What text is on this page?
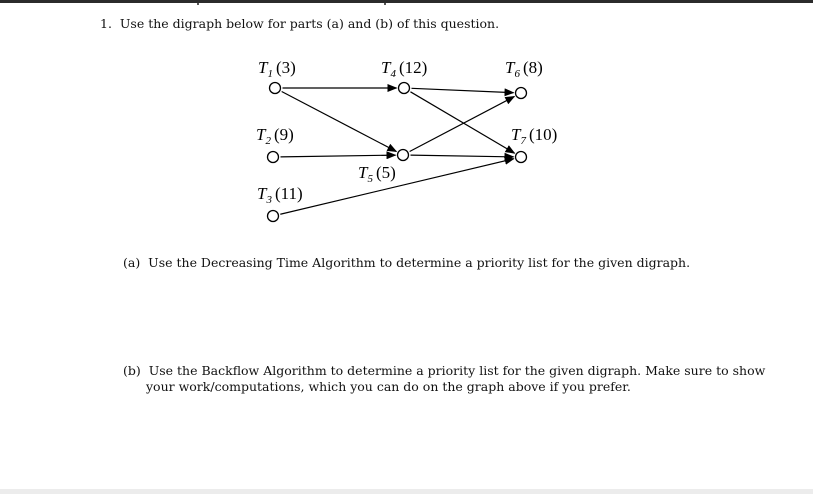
1. Use the digraph below for parts (a) and (b) of this question.
$T_1$ (3)
$T_2$ (9)
$T_3$ (11)
$T_4$ (12)
$T_5$ (5)
$T_6$ (8)
$T_7$ (10)
(a) Use the Decreasing Time Algorithm to determine a priority list for the given digraph.
(b) Use the Backflow Algorithm to determine a priority list for the given digraph. Make sure to show
your work/computations, which you can do on the graph above if you prefer.
